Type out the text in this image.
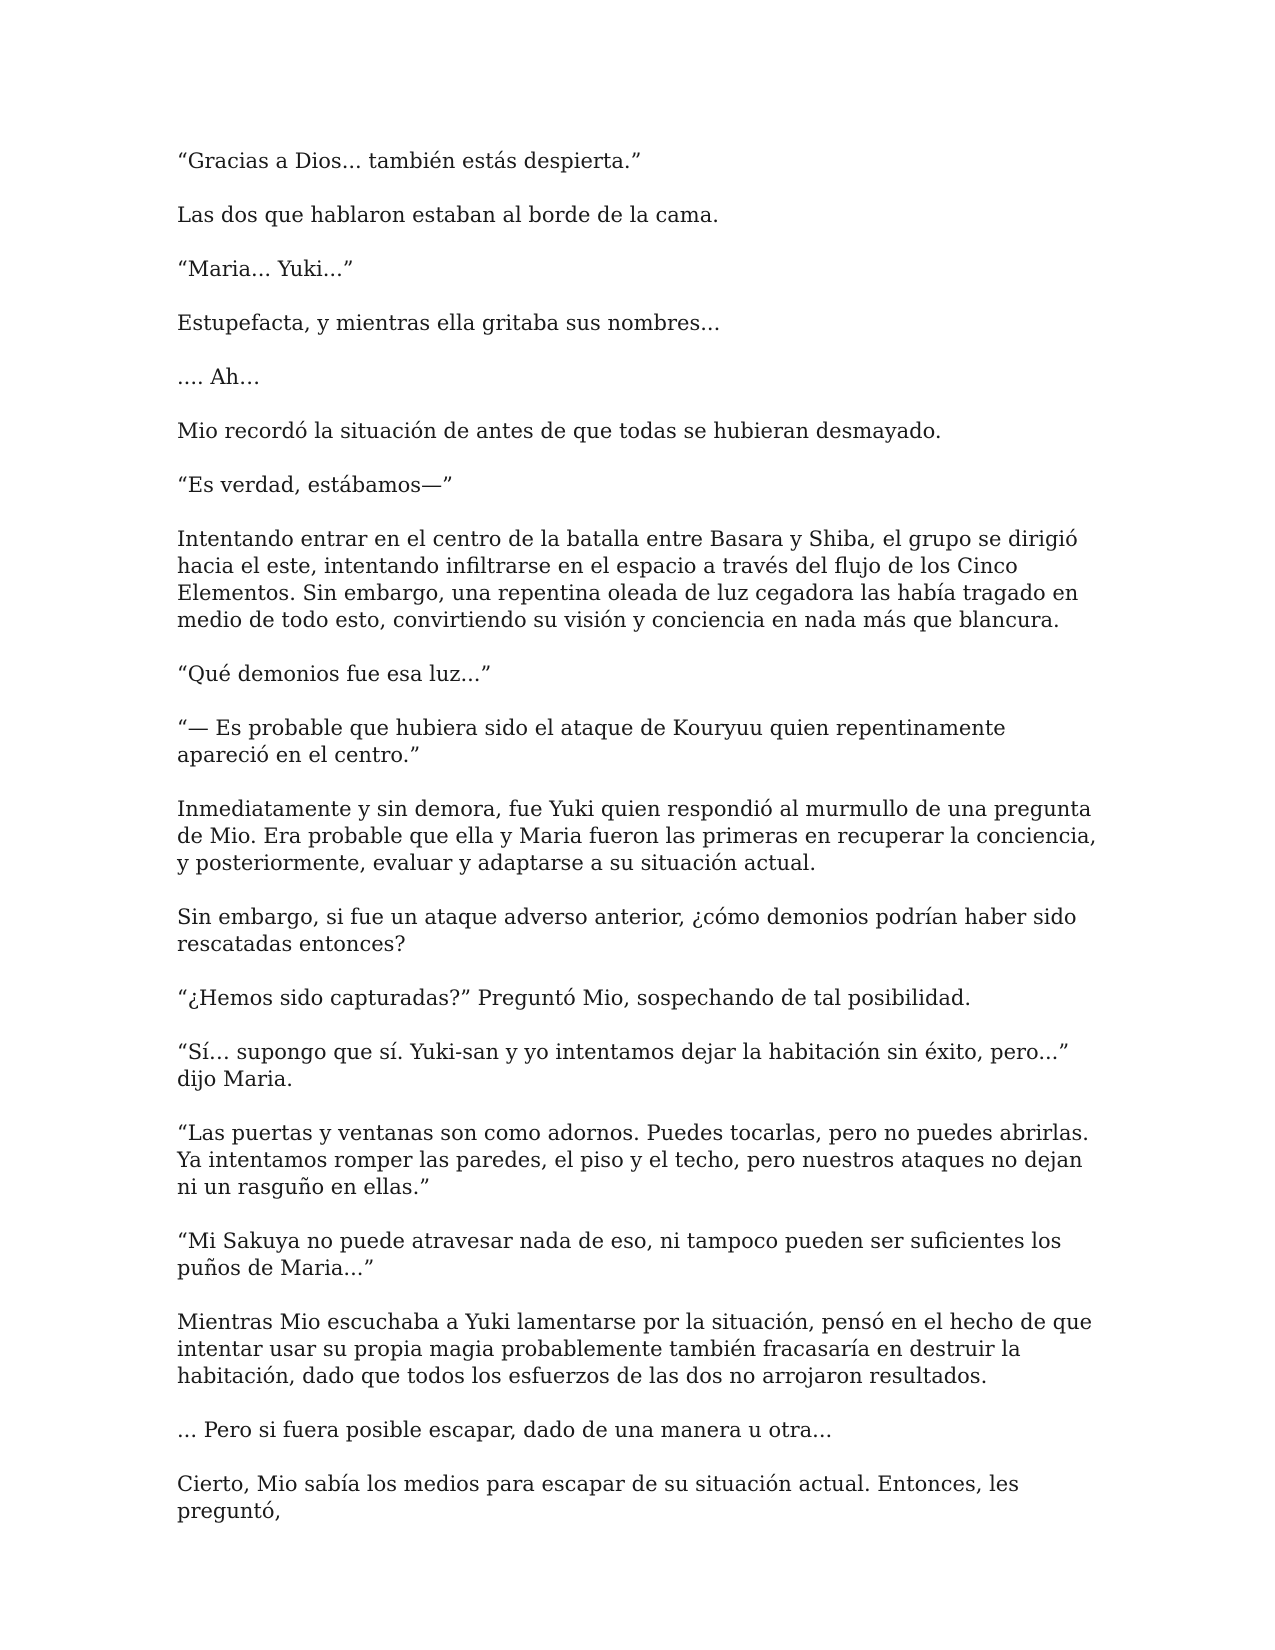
“Gracias a Dios... también estás despierta.”

Las dos que hablaron estaban al borde de la cama.

“Maria... Yuki...”

Estupefacta, y mientras ella gritaba sus nombres...

.... Ah…

Mio recordó la situación de antes de que todas se hubieran desmayado.

“Es verdad, estábamos—”

Intentando entrar en el centro de la batalla entre Basara y Shiba, el grupo se dirigió hacia el este, intentando infiltrarse en el espacio a través del flujo de los Cinco Elementos. Sin embargo, una repentina oleada de luz cegadora las había tragado en medio de todo esto, convirtiendo su visión y conciencia en nada más que blancura.

“Qué demonios fue esa luz...”

“— Es probable que hubiera sido el ataque de Kouryuu quien repentinamente apareció en el centro.”

Inmediatamente y sin demora, fue Yuki quien respondió al murmullo de una pregunta de Mio. Era probable que ella y Maria fueron las primeras en recuperar la conciencia, y posteriormente, evaluar y adaptarse a su situación actual.

Sin embargo, si fue un ataque adverso anterior, ¿cómo demonios podrían haber sido rescatadas entonces?

“¿Hemos sido capturadas?” Preguntó Mio, sospechando de tal posibilidad.

“Sí… supongo que sí. Yuki-san y yo intentamos dejar la habitación sin éxito, pero...” dijo Maria.

“Las puertas y ventanas son como adornos. Puedes tocarlas, pero no puedes abrirlas. Ya intentamos romper las paredes, el piso y el techo, pero nuestros ataques no dejan ni un rasguño en ellas.”

“Mi Sakuya no puede atravesar nada de eso, ni tampoco pueden ser suficientes los puños de Maria...”

Mientras Mio escuchaba a Yuki lamentarse por la situación, pensó en el hecho de que intentar usar su propia magia probablemente también fracasaría en destruir la habitación, dado que todos los esfuerzos de las dos no arrojaron resultados.

... Pero si fuera posible escapar, dado de una manera u otra...

Cierto, Mio sabía los medios para escapar de su situación actual. Entonces, les preguntó,
